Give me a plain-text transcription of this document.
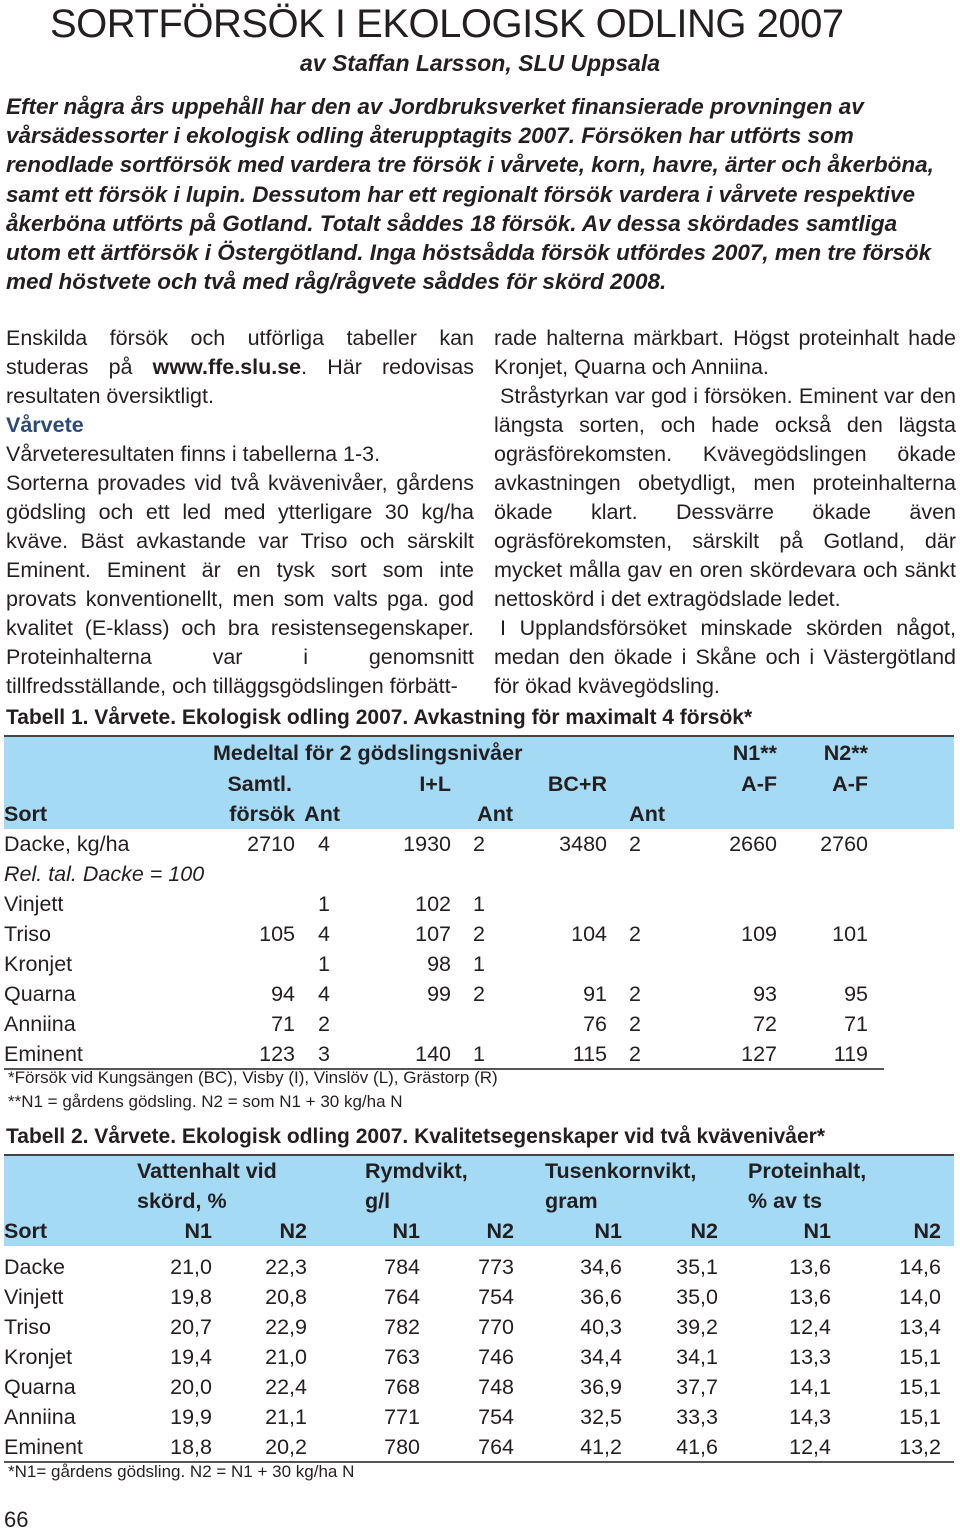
SORTFÖRSÖK I EKOLOGISK ODLING 2007
av Staffan Larsson, SLU Uppsala
Efter några års uppehåll har den av Jordbruksverket finansierade provningen av vårsädessorter i ekologisk odling återupptagits 2007. Försöken har utförts som renodlade sortförsök med vardera tre försök i vårvete, korn, havre, ärter och åkerböna, samt ett försök i lupin. Dessutom har ett regionalt försök vardera i vårvete respektive åkerböna utförts på Gotland. Totalt såddes 18 försök. Av dessa skördades samtliga utom ett ärtförsök i Östergötland. Inga höstsådda försök utfördes 2007, men tre försök med höstvete och två med råg/rågvete såddes för skörd 2008.

Enskilda försök och utförliga tabeller kan studeras på www.ffe.slu.se. Här redovisas resultaten översiktligt.

Vårvete

Vårveteresultaten finns i tabellerna 1-3.

Sorterna provades vid två kvävenivåer, gårdens gödsling och ett led med ytterligare 30 kg/ha kväve. Bäst avkastande var Triso och särskilt Eminent. Eminent är en tysk sort som inte provats konventionellt, men som valts pga. god kvalitet (E-klass) och bra resistensegenskaper. Proteinhalterna var i genomsnitt tillfredsställande, och tilläggsgödslingen förbätt-

rade halterna märkbart. Högst proteinhalt hade Kronjet, Quarna och Anniina.

Stråstyrkan var god i försöken. Eminent var den längsta sorten, och hade också den lägsta ogräsförekomsten. Kvävegödslingen ökade avkastningen obetydligt, men proteinhalterna ökade klart. Dessvärre ökade även ogräsförekomsten, särskilt på Gotland, där mycket målla gav en oren skördevara och sänkt nettoskörd i det extragödslade ledet.

I Upplandsförsöket minskade skörden något, medan den ökade i Skåne och i Västergötland för ökad kvävegödsling.

Tabell 1. Vårvete. Ekologisk odling 2007. Avkastning för maximalt 4 försök*
	Medeltal för 2 gödslingsnivåer						N1**	N2**	
	Samtl.		I+L		BC+R		A-F	A-F	
Sort	försök	Ant		Ant		Ant			
Dacke, kg/ha	2710	4	1930	2	3480	2	2660	2760	
Rel. tal. Dacke = 100									
Vinjett		1	102	1					
Triso	105	4	107	2	104	2	109	101	
Kronjet		1	98	1					
Quarna	94	4	99	2	91	2	93	95	
Anniina	71	2			76	2	72	71	
Eminent	123	3	140	1	115	2	127	119	
*Försök vid Kungsängen (BC), Visby (I), Vinslöv (L), Grästorp (R)
**N1 = gårdens gödsling. N2 = som N1 + 30 kg/ha N
Tabell 2. Vårvete. Ekologisk odling 2007. Kvalitetsegenskaper vid två kvävenivåer*
	Vattenhalt vid		Rymdvikt,		Tusenkornvikt,		Proteinhalt,		
	skörd, %		g/l		gram		% av ts		
Sort	N1	N2	N1	N2	N1	N2	N1	N2	
Dacke	21,0	22,3	784	773	34,6	35,1	13,6	14,6	
Vinjett	19,8	20,8	764	754	36,6	35,0	13,6	14,0	
Triso	20,7	22,9	782	770	40,3	39,2	12,4	13,4	
Kronjet	19,4	21,0	763	746	34,4	34,1	13,3	15,1	
Quarna	20,0	22,4	768	748	36,9	37,7	14,1	15,1	
Anniina	19,9	21,1	771	754	32,5	33,3	14,3	15,1	
Eminent	18,8	20,2	780	764	41,2	41,6	12,4	13,2	
*N1= gårdens gödsling. N2 = N1 + 30 kg/ha N
66
